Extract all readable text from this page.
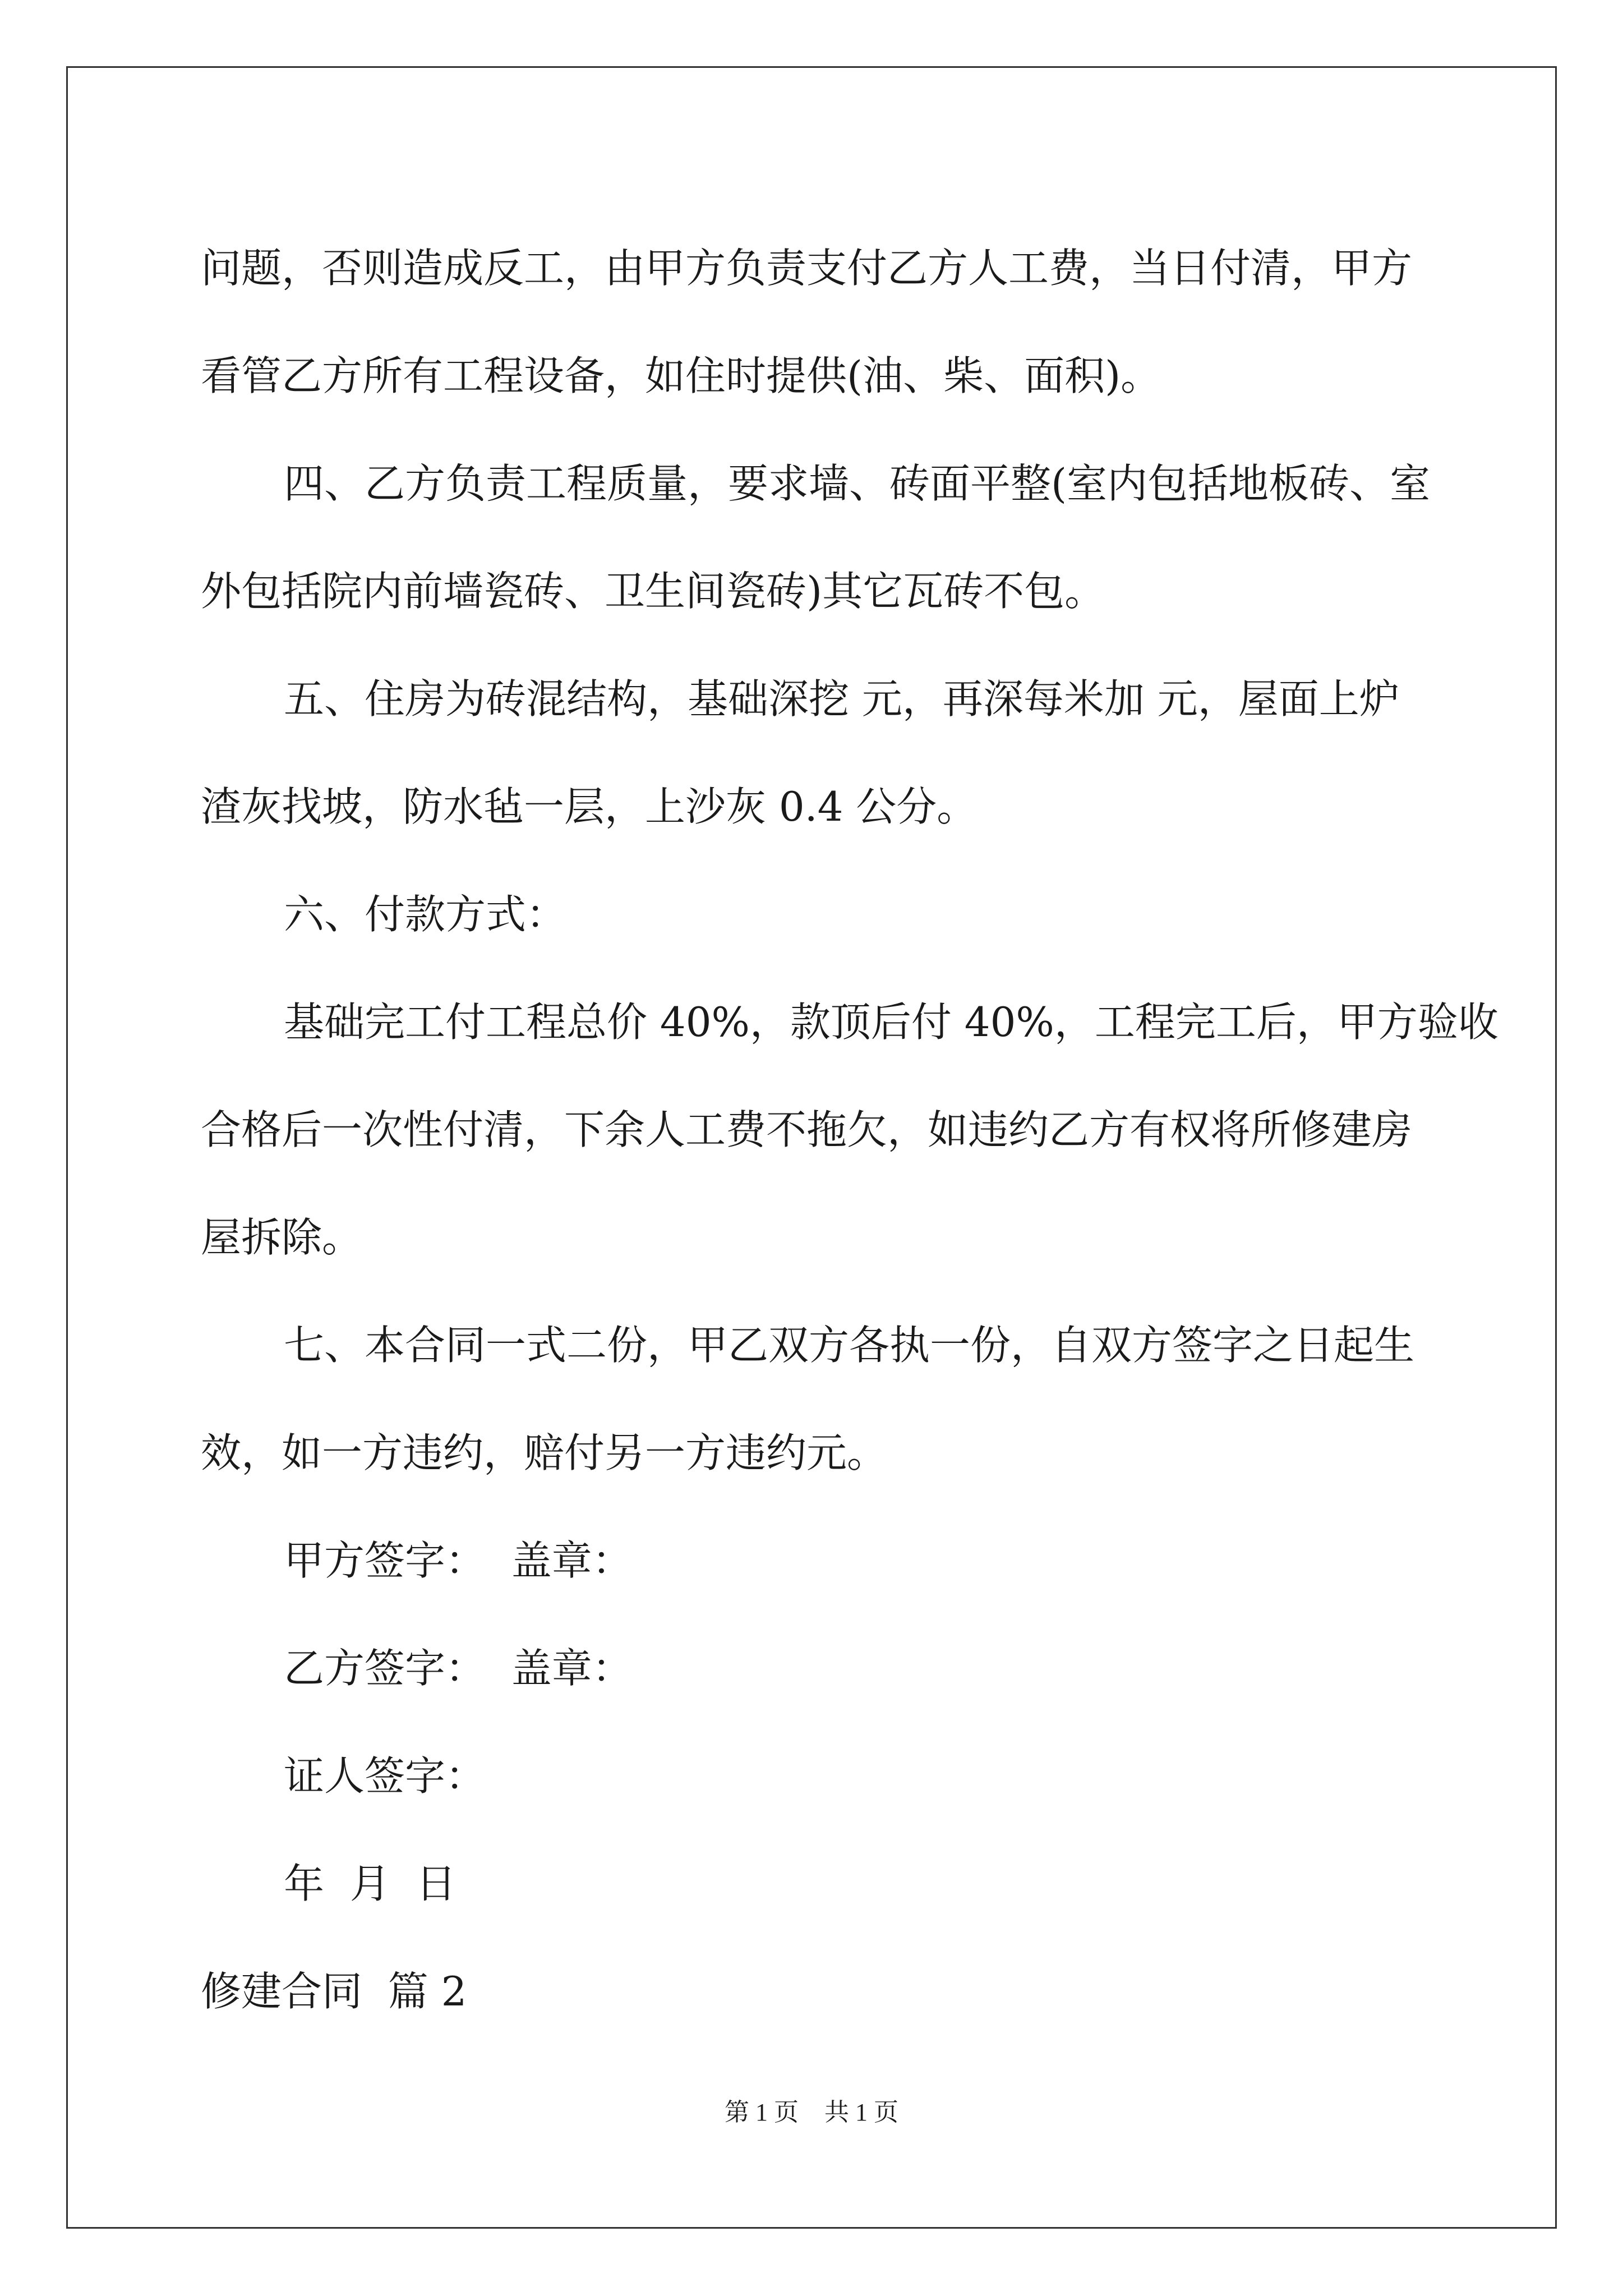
问题，否则造成反工，由甲方负责支付乙方人工费，当日付清，甲方

看管乙方所有工程设备，如住时提供(油、柴、面积)。

四、乙方负责工程质量，要求墙、砖面平整(室内包括地板砖、室

外包括院内前墙瓷砖、卫生间瓷砖)其它瓦砖不包。

五、住房为砖混结构，基础深挖 元，再深每米加 元，屋面上炉

渣灰找坡，防水毡一层，上沙灰 0.4 公分。

六、付款方式：

基础完工付工程总价 40%，款顶后付 40%，工程完工后，甲方验收

合格后一次性付清，下余人工费不拖欠，如违约乙方有权将所修建房

屋拆除。

七、本合同一式二份，甲乙双方各执一份，自双方签字之日起生

效，如一方违约，赔付另一方违约元。

甲方签字：  盖章：

乙方签字：  盖章：

证人签字：

年  月  日

修建合同  篇 2

第 1 页 共 1 页
